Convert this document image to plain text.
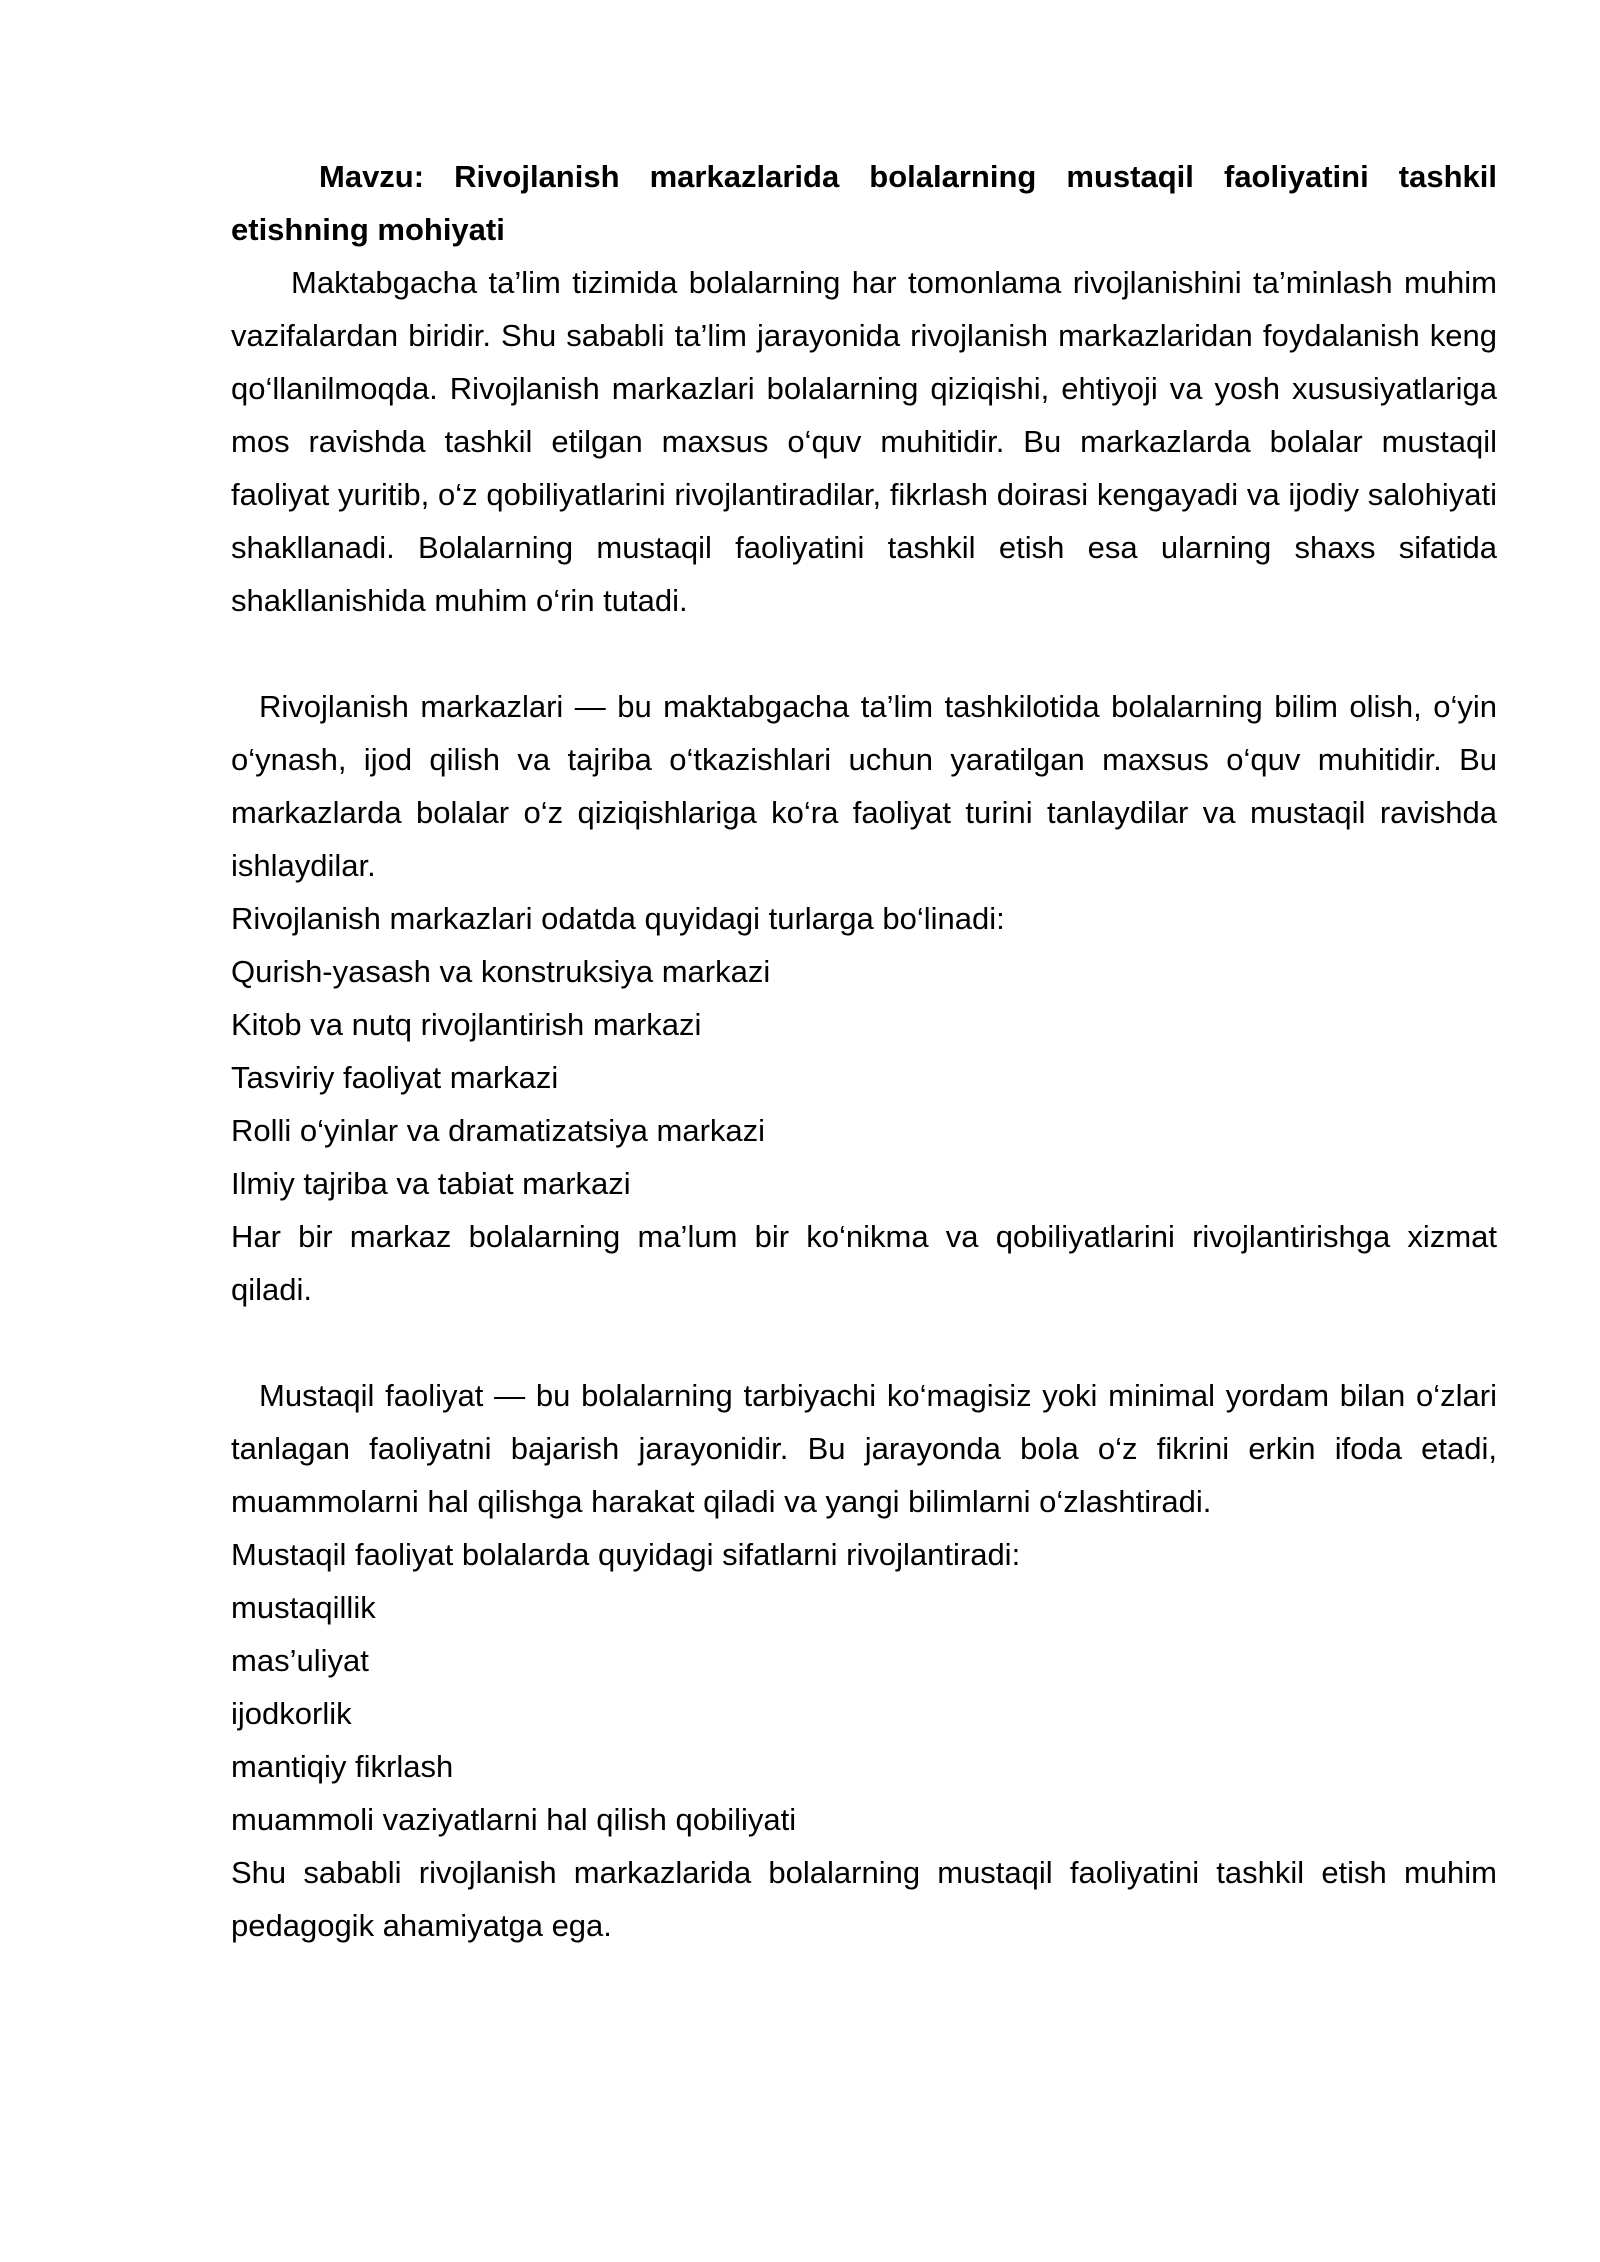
Mavzu: Rivojlanish markazlarida bolalarning mustaqil faoliyatini tashkil etishning mohiyati

Maktabgacha ta’lim tizimida bolalarning har tomonlama rivojlanishini ta’minlash muhim vazifalardan biridir. Shu sababli ta’lim jarayonida rivojlanish markazlaridan foydalanish keng qo‘llanilmoqda. Rivojlanish markazlari bolalarning qiziqishi, ehtiyoji va yosh xususiyatlariga mos ravishda tashkil etilgan maxsus o‘quv muhitidir. Bu markazlarda bolalar mustaqil faoliyat yuritib, o‘z qobiliyatlarini rivojlantiradilar, fikrlash doirasi kengayadi va ijodiy salohiyati shakllanadi. Bolalarning mustaqil faoliyatini tashkil etish esa ularning shaxs sifatida shakllanishida muhim o‘rin tutadi.

Rivojlanish markazlari — bu maktabgacha ta’lim tashkilotida bolalarning bilim olish, o‘yin o‘ynash, ijod qilish va tajriba o‘tkazishlari uchun yaratilgan maxsus o‘quv muhitidir. Bu markazlarda bolalar o‘z qiziqishlariga ko‘ra faoliyat turini tanlaydilar va mustaqil ravishda ishlaydilar.

Rivojlanish markazlari odatda quyidagi turlarga bo‘linadi:

Qurish-yasash va konstruksiya markazi

Kitob va nutq rivojlantirish markazi

Tasviriy faoliyat markazi

Rolli o‘yinlar va dramatizatsiya markazi

Ilmiy tajriba va tabiat markazi

Har bir markaz bolalarning ma’lum bir ko‘nikma va qobiliyatlarini rivojlantirishga xizmat qiladi.

Mustaqil faoliyat — bu bolalarning tarbiyachi ko‘magisiz yoki minimal yordam bilan o‘zlari tanlagan faoliyatni bajarish jarayonidir. Bu jarayonda bola o‘z fikrini erkin ifoda etadi, muammolarni hal qilishga harakat qiladi va yangi bilimlarni o‘zlashtiradi.

Mustaqil faoliyat bolalarda quyidagi sifatlarni rivojlantiradi:

mustaqillik

mas’uliyat

ijodkorlik

mantiqiy fikrlash

muammoli vaziyatlarni hal qilish qobiliyati

Shu sababli rivojlanish markazlarida bolalarning mustaqil faoliyatini tashkil etish muhim pedagogik ahamiyatga ega.
